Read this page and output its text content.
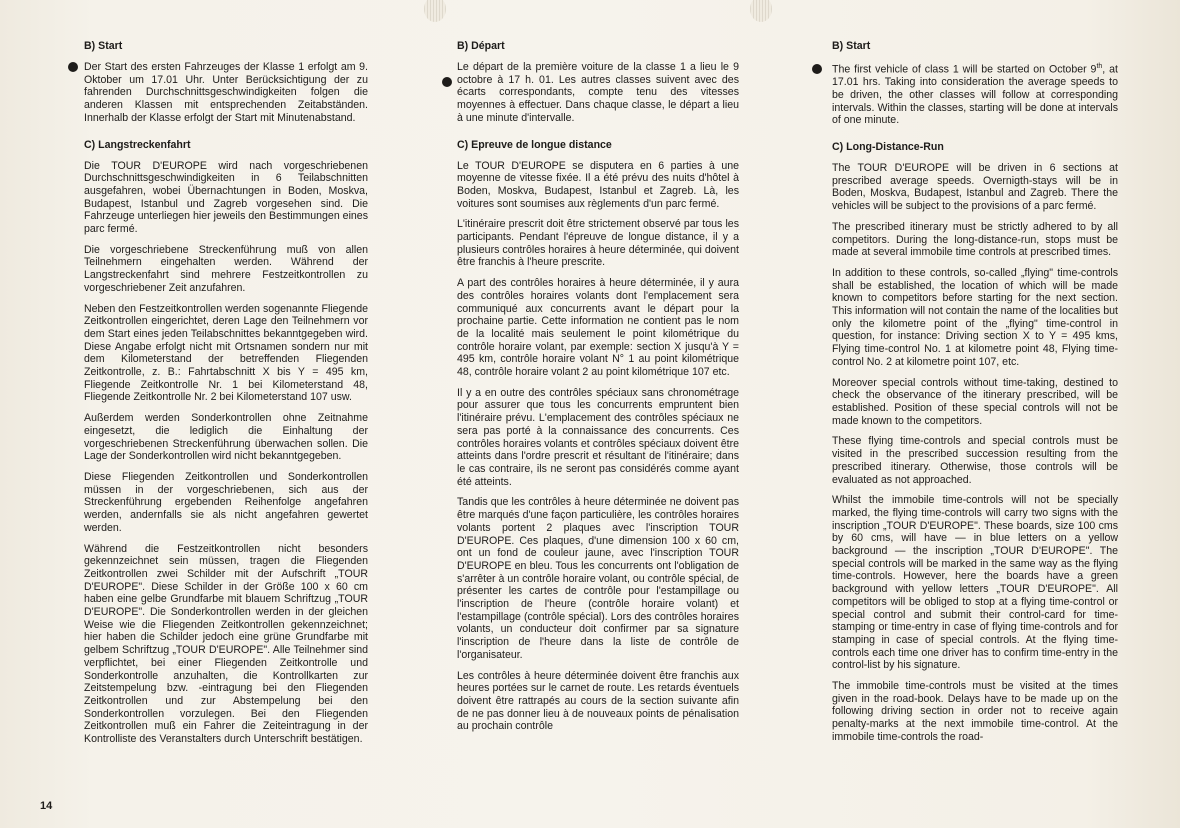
B) Start

Der Start des ersten Fahrzeuges der Klasse 1 erfolgt am 9. Oktober um 17.01 Uhr. Unter Berücksichtigung der zu fahrenden Durchschnittsgeschwindigkeiten folgen die anderen Klassen mit entsprechenden Zeitabständen. Innerhalb der Klasse erfolgt der Start mit Minutenabstand.

C) Langstreckenfahrt

Die TOUR D'EUROPE wird nach vorgeschriebenen Durchschnittsgeschwindigkeiten in 6 Teilabschnitten ausgefahren, wobei Übernachtungen in Boden, Moskva, Budapest, Istanbul und Zagreb vorgesehen sind. Die Fahrzeuge unterliegen hier jeweils den Bestimmungen eines parc fermé.

Die vorgeschriebene Streckenführung muß von allen Teilnehmern eingehalten werden. Während der Langstreckenfahrt sind mehrere Festzeitkontrollen zu vorgeschriebener Zeit anzufahren.

Neben den Festzeitkontrollen werden sogenannte Fliegende Zeitkontrollen eingerichtet, deren Lage den Teilnehmern vor dem Start eines jeden Teilabschnittes bekanntgegeben wird. Diese Angabe erfolgt nicht mit Ortsnamen sondern nur mit dem Kilometerstand der betreffenden Fliegenden Zeitkontrolle, z. B.: Fahrtabschnitt X bis Y = 495 km, Fliegende Zeitkontrolle Nr. 1 bei Kilometerstand 48, Fliegende Zeitkontrolle Nr. 2 bei Kilometerstand 107 usw.

Außerdem werden Sonderkontrollen ohne Zeitnahme eingesetzt, die lediglich die Einhaltung der vorgeschriebenen Streckenführung überwachen sollen. Die Lage der Sonderkontrollen wird nicht bekanntgegeben.

Diese Fliegenden Zeitkontrollen und Sonderkontrollen müssen in der vorgeschriebenen, sich aus der Streckenführung ergebenden Reihenfolge angefahren werden, andernfalls sie als nicht angefahren gewertet werden.

Während die Festzeitkontrollen nicht besonders gekennzeichnet sein müssen, tragen die Fliegenden Zeitkontrollen zwei Schilder mit der Aufschrift „TOUR D'EUROPE". Diese Schilder in der Größe 100 x 60 cm haben eine gelbe Grundfarbe mit blauem Schriftzug „TOUR D'EUROPE". Die Sonderkontrollen werden in der gleichen Weise wie die Fliegenden Zeitkontrollen gekennzeichnet; hier haben die Schilder jedoch eine grüne Grundfarbe mit gelbem Schriftzug „TOUR D'EUROPE". Alle Teilnehmer sind verpflichtet, bei einer Fliegenden Zeitkontrolle und Sonderkontrolle anzuhalten, die Kontrollkarten zur Zeitstempelung bzw. -eintragung bei den Fliegenden Zeitkontrollen und zur Abstempelung bei den Sonderkontrollen vorzulegen. Bei den Fliegenden Zeitkontrollen muß ein Fahrer die Zeiteintragung in der Kontrolliste des Veranstalters durch Unterschrift bestätigen.

B) Départ

Le départ de la première voiture de la classe 1 a lieu le 9 octobre à 17 h. 01. Les autres classes suivent avec des écarts correspondants, compte tenu des vitesses moyennes à effectuer. Dans chaque classe, le départ a lieu à une minute d'intervalle.

C) Epreuve de longue distance

Le TOUR D'EUROPE se disputera en 6 parties à une moyenne de vitesse fixée. Il a été prévu des nuits d'hôtel à Boden, Moskva, Budapest, Istanbul et Zagreb. Là, les voitures sont soumises aux règlements d'un parc fermé.

L'itinéraire prescrit doit être strictement observé par tous les participants. Pendant l'épreuve de longue distance, il y a plusieurs contrôles horaires à heure déterminée, qui doivent être franchis à l'heure prescrite.

A part des contrôles horaires à heure déterminée, il y aura des contrôles horaires volants dont l'emplacement sera communiqué aux concurrents avant le départ pour la prochaine partie. Cette information ne contient pas le nom de la localité mais seulement le point kilométrique du contrôle horaire volant, par exemple: section X jusqu'à Y = 495 km, contrôle horaire volant N° 1 au point kilométrique 48, contrôle horaire volant 2 au point kilométrique 107 etc.

Il y a en outre des contrôles spéciaux sans chronométrage pour assurer que tous les concurrents empruntent bien l'itinéraire prévu. L'emplacement des contrôles spéciaux ne sera pas porté à la connaissance des concurrents. Ces contrôles horaires volants et contrôles spéciaux doivent être atteints dans l'ordre prescrit et résultant de l'itinéraire; dans le cas contraire, ils ne seront pas considérés comme ayant été atteints.

Tandis que les contrôles à heure déterminée ne doivent pas être marqués d'une façon particulière, les contrôles horaires volants portent 2 plaques avec l'inscription TOUR D'EUROPE. Ces plaques, d'une dimension 100 x 60 cm, ont un fond de couleur jaune, avec l'inscription TOUR D'EUROPE en bleu. Tous les concurrents ont l'obligation de s'arrêter à un contrôle horaire volant, ou contrôle spécial, de présenter les cartes de contrôle pour l'estampillage ou l'inscription de l'heure (contrôle horaire volant) et l'estampillage (contrôle spécial). Lors des contrôles horaires volants, un conducteur doit confirmer par sa signature l'inscription de l'heure dans la liste de contrôle de l'organisateur.

Les contrôles à heure déterminée doivent être franchis aux heures portées sur le carnet de route. Les retards éventuels doivent être rattrapés au cours de la section suivante afin de ne pas donner lieu à de nouveaux points de pénalisation au prochain contrôle

B) Start

The first vehicle of class 1 will be started on October 9th, at 17.01 hrs. Taking into consideration the average speeds to be driven, the other classes will follow at corresponding intervals. Within the classes, starting will be done at intervals of one minute.

C) Long-Distance-Run

The TOUR D'EUROPE will be driven in 6 sections at prescribed average speeds. Overnigth-stays will be in Boden, Moskva, Budapest, Istanbul and Zagreb. There the vehicles will be subject to the provisions of a parc fermé.

The prescribed itinerary must be strictly adhered to by all competitors. During the long-distance-run, stops must be made at several immobile time controls at prescribed times.

In addition to these controls, so-called „flying" time-controls shall be established, the location of which will be made known to competitors before starting for the next section. This information will not contain the name of the localities but only the kilometre point of the „flying" time-control in question, for instance: Driving section X to Y = 495 kms, Flying time-control No. 1 at kilometre point 48, Flying time-control No. 2 at kilometre point 107, etc.

Moreover special controls without time-taking, destined to check the observance of the itinerary prescribed, will be established. Position of these special controls will not be made known to the competitors.

These flying time-controls and special controls must be visited in the prescribed succession resulting from the prescribed itinerary. Otherwise, those controls will be evaluated as not approached.

Whilst the immobile time-controls will not be specially marked, the flying time-controls will carry two signs with the inscription „TOUR D'EUROPE". These boards, size 100 cms by 60 cms, will have — in blue letters on a yellow background — the inscription „TOUR D'EUROPE". The special controls will be marked in the same way as the flying time-controls. However, here the boards have a green background with yellow letters „TOUR D'EUROPE". All competitors will be obliged to stop at a flying time-control or special control and submit their control-card for time-stamping or time-entry in case of flying time-controls and for stamping in case of special controls. At the flying time-controls each time one driver has to confirm time-entry in the control-list by his signature.

The immobile time-controls must be visited at the times given in the road-book. Delays have to be made up on the following driving section in order not to receive again penalty-marks at the next immobile time-control. At the immobile time-controls the road-

14
